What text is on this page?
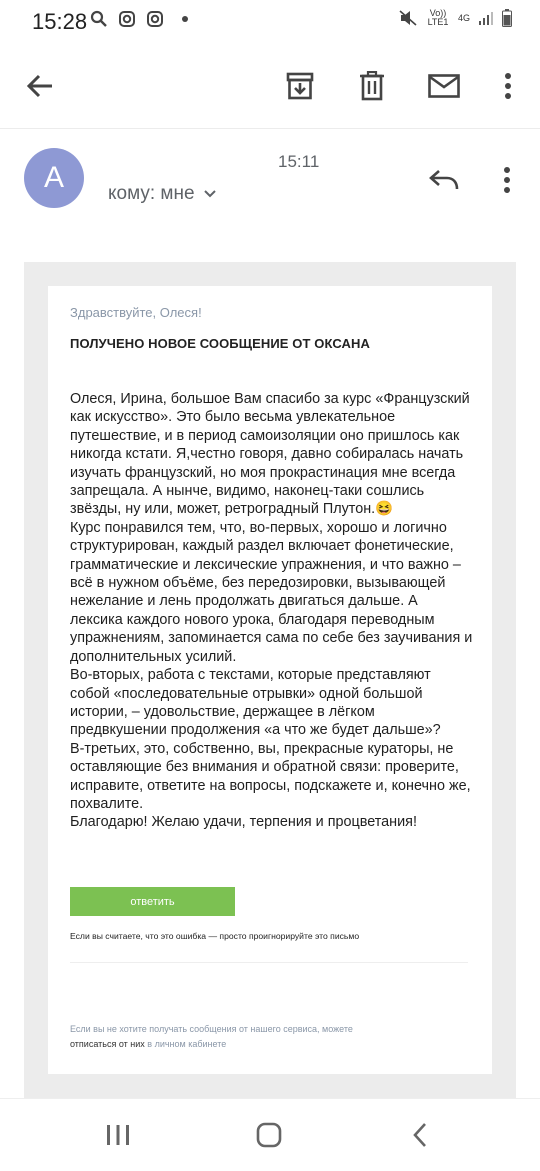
15:28	Vo)) LTE1 4G
A	15:11
кому: мне
Здравствуйте, Олеся!
ПОЛУЧЕНО НОВОЕ СООБЩЕНИЕ ОТ ОКСАНА

Олеся, Ирина, большое Вам спасибо за курс «Французский как искусство». Это было весьма увлекательное путешествие, и в период самоизоляции оно пришлось как никогда кстати. Я,честно говоря, давно собиралась начать изучать французский, но моя прокрастинация мне всегда запрещала. А нынче, видимо, наконец-таки сошлись звёзды, ну или, может, ретроградный Плутон.😆

Курс понравился тем, что, во-первых, хорошо и логично структурирован, каждый раздел включает фонетические, грамматические и лексические упражнения, и что важно – всё в нужном объёме, без передозировки, вызывающей нежелание и лень продолжать двигаться дальше. А лексика каждого нового урока, благодаря переводным упражнениям, запоминается сама по себе без заучивания и дополнительных усилий.

Во-вторых, работа с текстами, которые представляют собой «последовательные отрывки» одной большой истории, – удовольствие, держащее в лёгком предвкушении продолжения «а что же будет дальше»?

В-третьих, это, собственно, вы, прекрасные кураторы, не оставляющие без внимания и обратной связи: проверите, исправите, ответите на вопросы, подскажете и, конечно же, похвалите.

Благодарю! Желаю удачи, терпения и процветания!

ответить
Если вы считаете, что это ошибка — просто проигнорируйте это письмо
Если вы не хотите получать сообщения от нашего сервиса, можете
отписаться от них в личном кабинете
